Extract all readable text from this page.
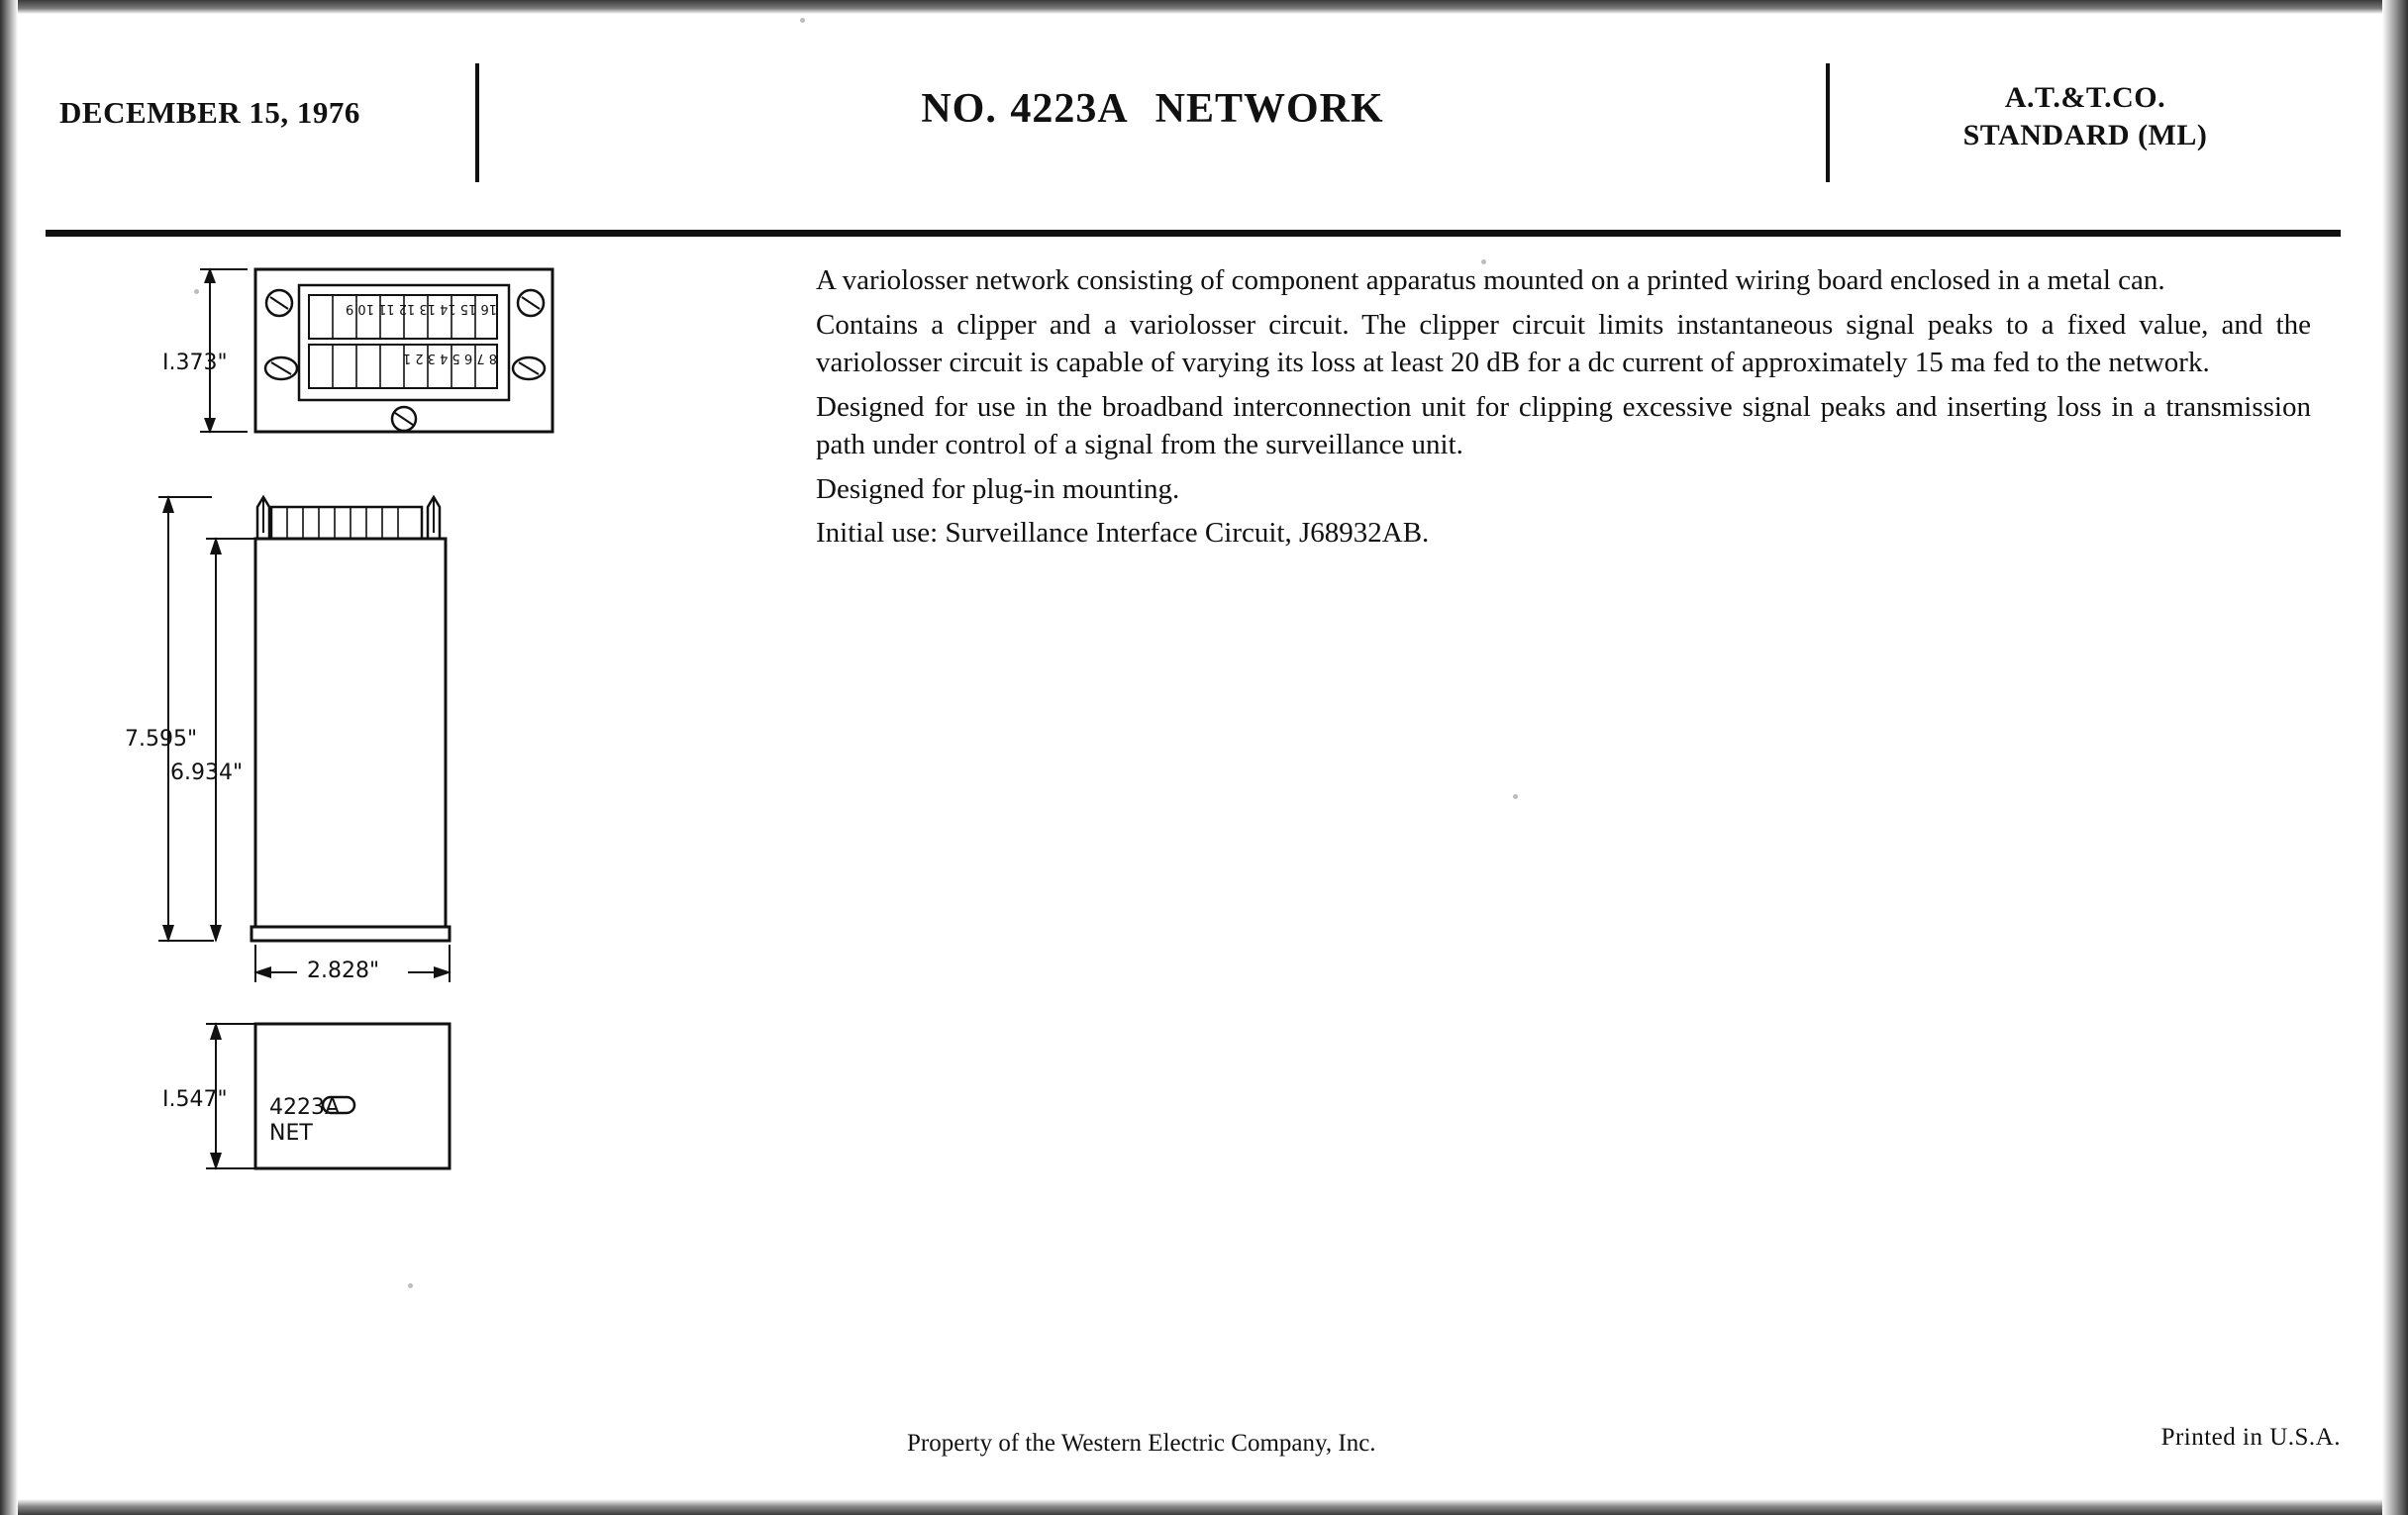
DECEMBER 15, 1976	NO. 4223A NETWORK	A.T.&T.CO.
STANDARD (ML)
16 15 14 13 12 11 10 9
8 7 6 5 4 3 2 1
I.373"
7.595"
6.934"
2.828"
I.547" 4223A
NET
A variolosser network consisting of component apparatus mounted on a printed wiring board enclosed in a metal can.
Contains a clipper and a variolosser circuit. The clipper circuit limits instantaneous signal peaks to a fixed value, and the variolosser circuit is capable of varying its loss at least 20 dB for a dc current of approximately 15 ma fed to the network.
Designed for use in the broadband interconnection unit for clipping excessive signal peaks and inserting loss in a transmission path under control of a signal from the surveillance unit.
Designed for plug-in mounting.
Initial use: Surveillance Interface Circuit, J68932AB.
Property of the Western Electric Company, Inc.	Printed in U.S.A.
